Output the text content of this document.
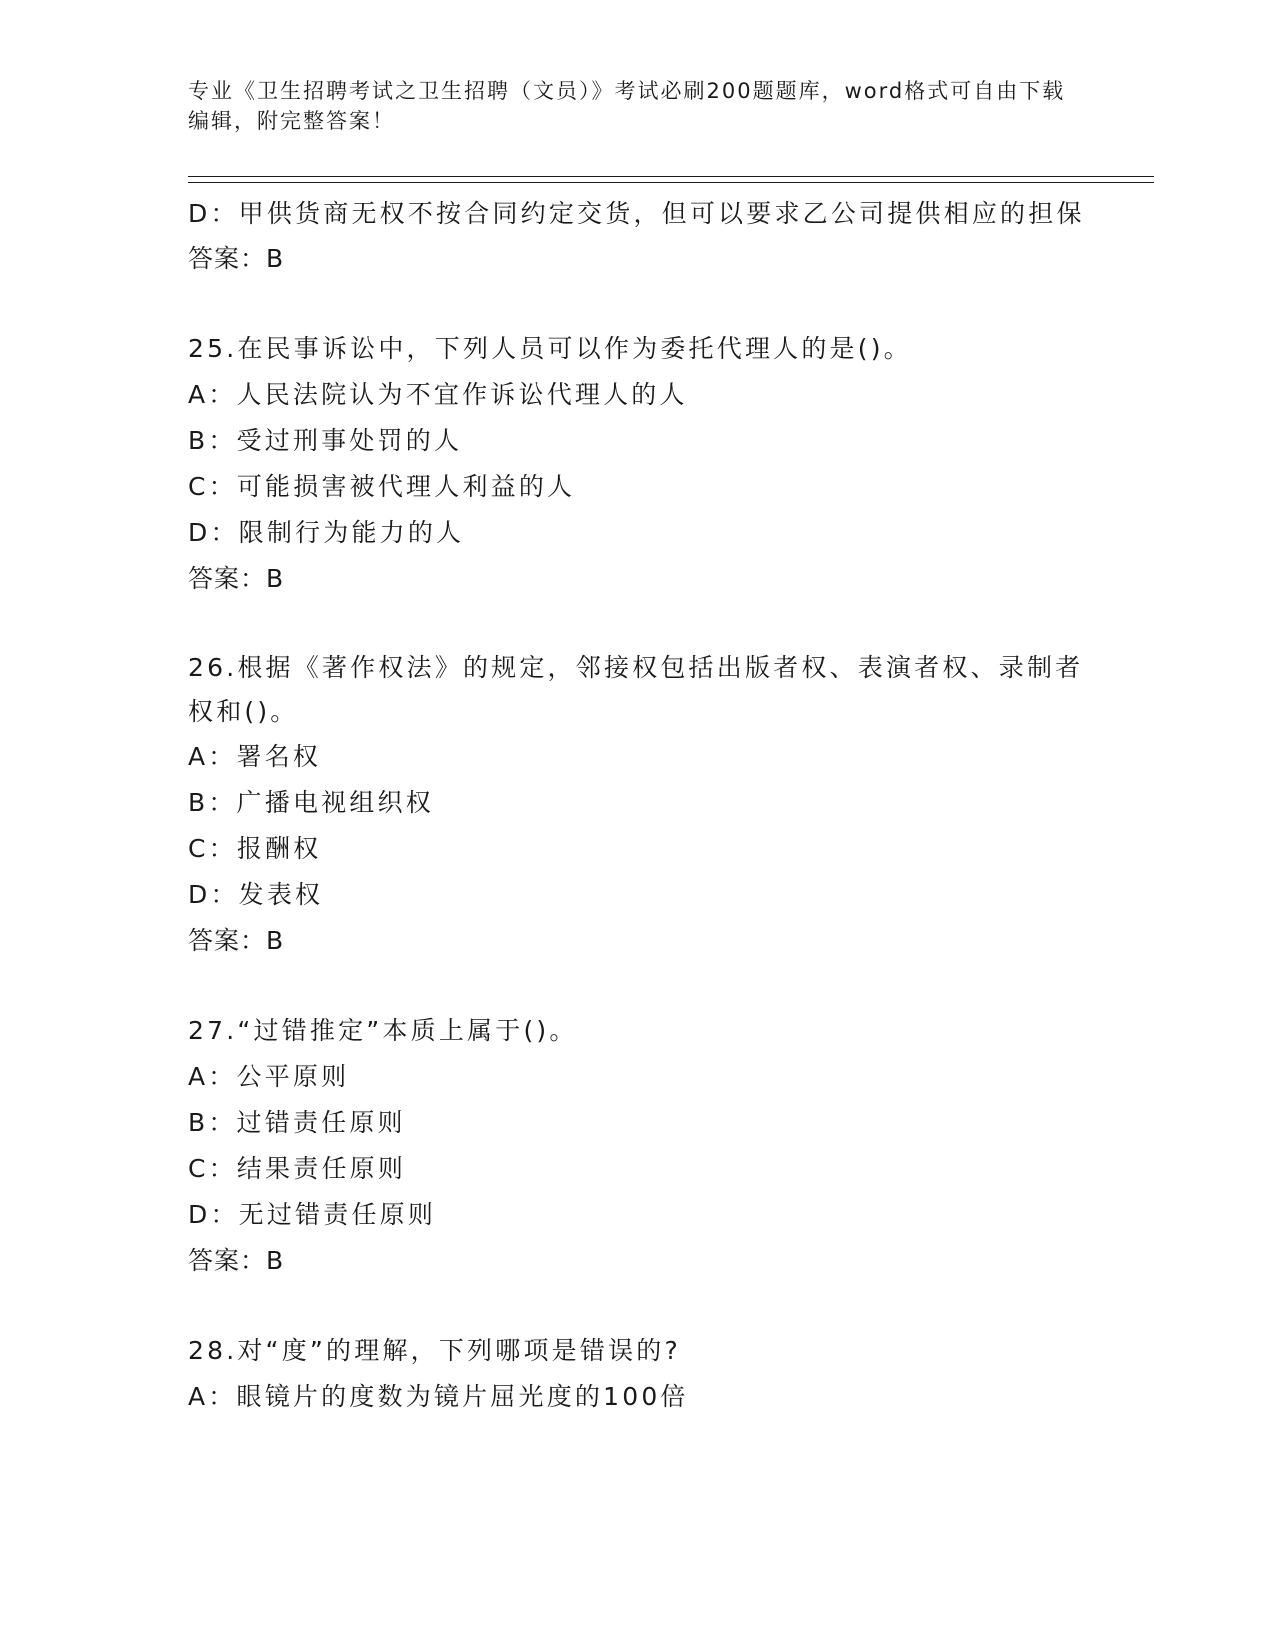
专业《卫生招聘考试之卫生招聘（文员）》考试必刷200题题库，word格式可自由下载编辑，附完整答案！
D：甲供货商无权不按合同约定交货，但可以要求乙公司提供相应的担保
答案：B
25.在民事诉讼中，下列人员可以作为委托代理人的是()。
A：人民法院认为不宜作诉讼代理人的人
B：受过刑事处罚的人
C：可能损害被代理人利益的人
D：限制行为能力的人
答案：B
26.根据《著作权法》的规定，邻接权包括出版者权、表演者权、录制者权和()。
A：署名权
B：广播电视组织权
C：报酬权
D：发表权
答案：B
27.“过错推定”本质上属于()。
A：公平原则
B：过错责任原则
C：结果责任原则
D：无过错责任原则
答案：B
28.对“度”的理解，下列哪项是错误的?
A：眼镜片的度数为镜片屈光度的100倍
